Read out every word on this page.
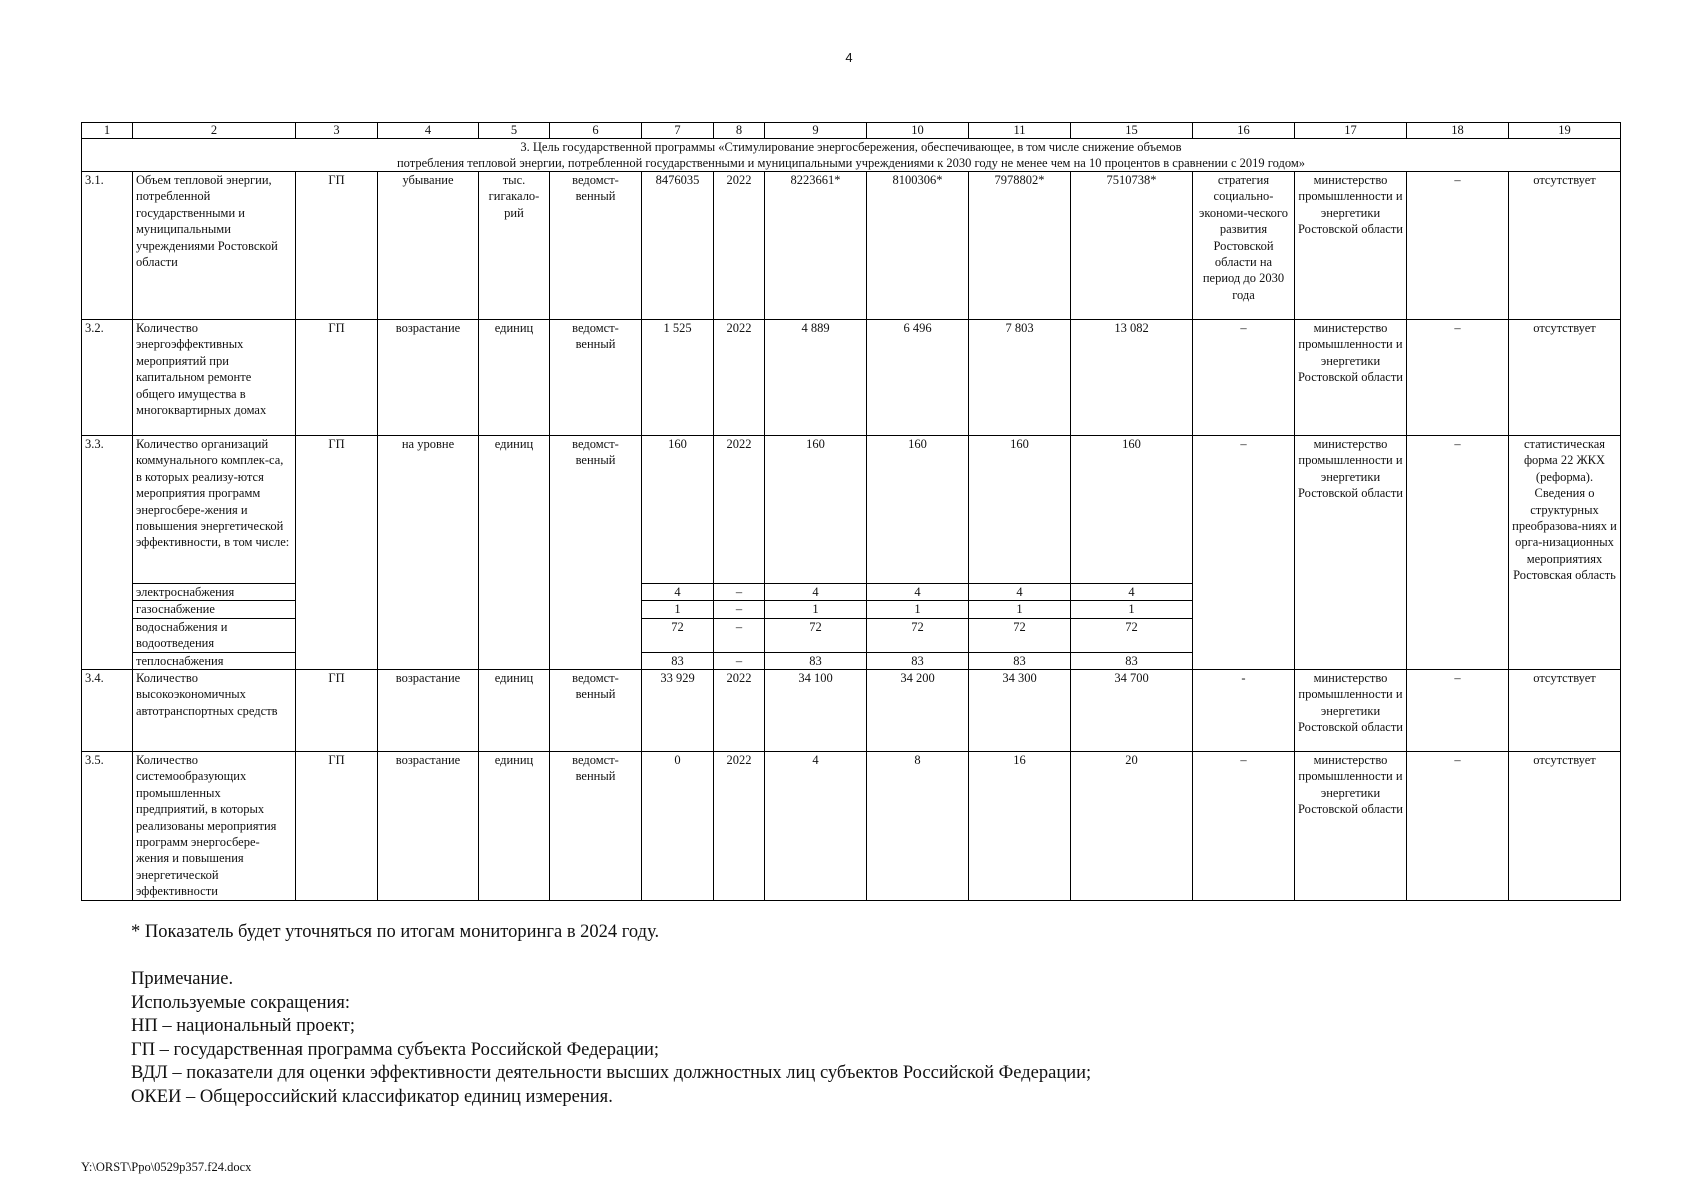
4
1	2	3	4	5	6	7	8	9	10	11	15	16	17	18	19

3. Цель государственной программы «Стимулирование энергосбережения, обеспечивающее, в том числе снижение объемов
потребления тепловой энергии, потребленной государственными и муниципальными учреждениями к 2030 году не менее чем на 10 процентов в сравнении с 2019 годом»															

3.1.	Объем тепловой энергии, потребленной государственными и муниципальными учреждениями Ростовской области	ГП	убывание	тыс. гигакало-рий	ведомст-венный	8476035	2022	8223661*	8100306*	7978802*	7510738*	стратегия социально-экономи-ческого развития Ростовской области на период до 2030 года	министерство промышленности и энергетики Ростовской области	–	отсутствует
3.2.	Количество энергоэффективных мероприятий при капитальном ремонте общего имущества в многоквартирных домах	ГП	возрастание	единиц	ведомст-венный	1 525	2022	4 889	6 496	7 803	13 082	–	министерство промышленности и энергетики Ростовской области	–	отсутствует
3.3.	Количество организаций коммунального комплек-са, в которых реализу-ются мероприятия программ энергосбере-жения и повышения энергетической эффективности, в том числе:	ГП	на уровне	единиц	ведомст-венный	160	2022	160	160	160	160	–	министерство промышленности и энергетики Ростовской области	–	статистическая форма 22 ЖКХ (реформа). Сведения о структурных преобразова-ниях и орга-низационных мероприятиях Ростовская область
	электроснабжения					4	–	4	4	4	4				
	газоснабжение					1	–	1	1	1	1				
	водоснабжения и водоотведения					72	–	72	72	72	72				
	теплоснабжения					83	–	83	83	83	83				
3.4.	Количество высокоэкономичных автотранспортных средств	ГП	возрастание	единиц	ведомст-венный	33 929	2022	34 100	34 200	34 300	34 700	-	министерство промышленности и энергетики Ростовской области	–	отсутствует
3.5.	Количество системообразующих промышленных предприятий, в которых реализованы мероприятия программ энергосбере-жения и повышения энергетической эффективности	ГП	возрастание	единиц	ведомст-венный	0	2022	4	8	16	20	–	министерство промышленности и энергетики Ростовской области	–	отсутствует
* Показатель будет уточняться по итогам мониторинга в 2024 году.
Примечание.
Используемые сокращения:
НП – национальный проект;
ГП – государственная программа субъекта Российской Федерации;
ВДЛ – показатели для оценки эффективности деятельности высших должностных лиц субъектов Российской Федерации;
ОКЕИ – Общероссийский классификатор единиц измерения.
Y:\ORST\Ppo\0529p357.f24.docx
